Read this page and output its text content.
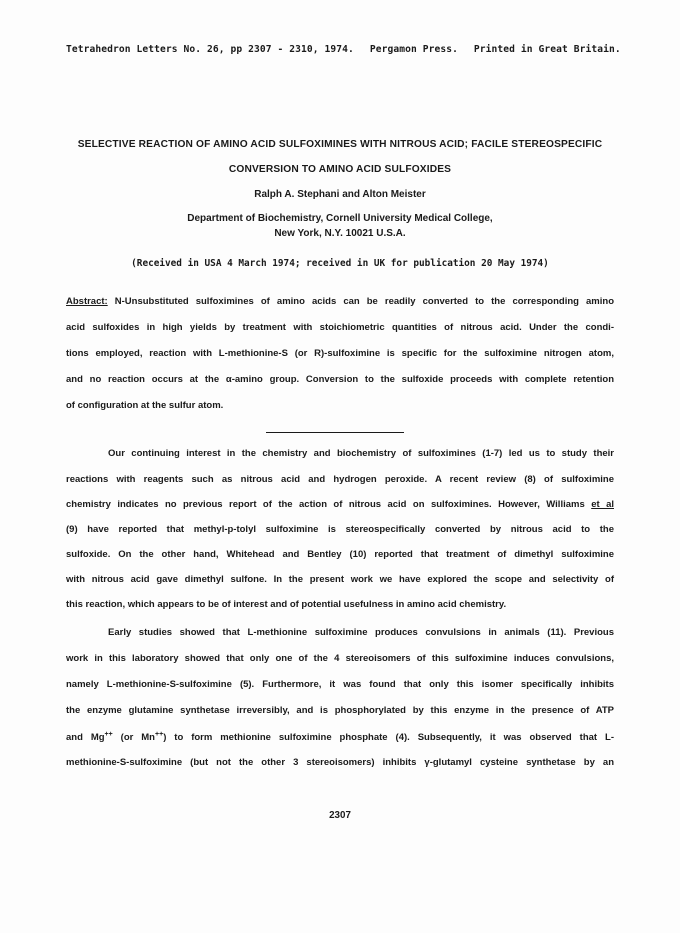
Tetrahedron Letters No. 26, pp 2307 - 2310, 1974. Pergamon Press. Printed in Great Britain.
SELECTIVE REACTION OF AMINO ACID SULFOXIMINES WITH NITROUS ACID; FACILE STEREOSPECIFIC
CONVERSION TO AMINO ACID SULFOXIDES
Ralph A. Stephani and Alton Meister
Department of Biochemistry, Cornell University Medical College,
New York, N.Y. 10021 U.S.A.
(Received in USA 4 March 1974; received in UK for publication 20 May 1974)
Abstract: N-Unsubstituted sulfoximines of amino acids can be readily converted to the corresponding amino
acid sulfoxides in high yields by treatment with stoichiometric quantities of nitrous acid. Under the condi-
tions employed, reaction with L-methionine-S (or R)-sulfoximine is specific for the sulfoximine nitrogen atom,
and no reaction occurs at the α-amino group. Conversion to the sulfoxide proceeds with complete retention
of configuration at the sulfur atom.
Our continuing interest in the chemistry and biochemistry of sulfoximines (1-7) led us to study their
reactions with reagents such as nitrous acid and hydrogen peroxide. A recent review (8) of sulfoximine
chemistry indicates no previous report of the action of nitrous acid on sulfoximines. However, Williams et al
(9) have reported that methyl-p-tolyl sulfoximine is stereospecifically converted by nitrous acid to the
sulfoxide. On the other hand, Whitehead and Bentley (10) reported that treatment of dimethyl sulfoximine
with nitrous acid gave dimethyl sulfone. In the present work we have explored the scope and selectivity of
this reaction, which appears to be of interest and of potential usefulness in amino acid chemistry.
Early studies showed that L-methionine sulfoximine produces convulsions in animals (11). Previous
work in this laboratory showed that only one of the 4 stereoisomers of this sulfoximine induces convulsions,
namely L-methionine-S-sulfoximine (5). Furthermore, it was found that only this isomer specifically inhibits
the enzyme glutamine synthetase irreversibly, and is phosphorylated by this enzyme in the presence of ATP
and Mg++ (or Mn++) to form methionine sulfoximine phosphate (4). Subsequently, it was observed that L-
methionine-S-sulfoximine (but not the other 3 stereoisomers) inhibits γ-glutamyl cysteine synthetase by an
2307
